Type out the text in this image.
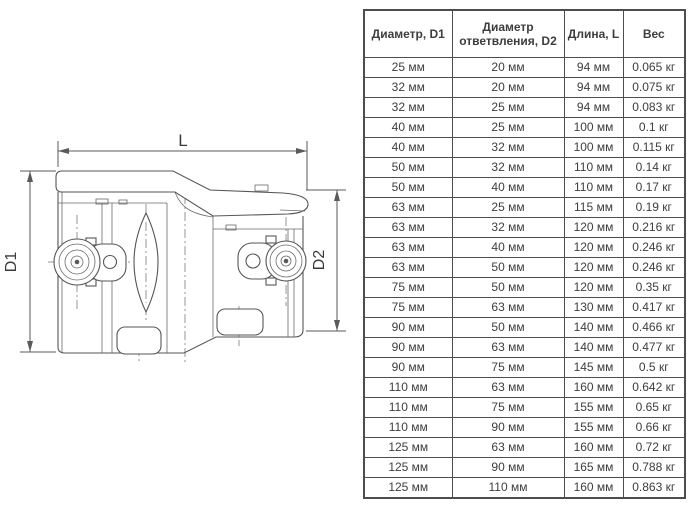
L
D1	D2
Диаметр, D1	Диаметр ответвления, D2	Длина, L	Вес
25 мм	20 мм	94 мм	0.065 кг
32 мм	20 мм	94 мм	0.075 кг
32 мм	25 мм	94 мм	0.083 кг
40 мм	25 мм	100 мм	0.1 кг
40 мм	32 мм	100 мм	0.115 кг
50 мм	32 мм	110 мм	0.14 кг
50 мм	40 мм	110 мм	0.17 кг
63 мм	25 мм	115 мм	0.19 кг
63 мм	32 мм	120 мм	0.216 кг
63 мм	40 мм	120 мм	0.246 кг
63 мм	50 мм	120 мм	0.246 кг
75 мм	50 мм	120 мм	0.35 кг
75 мм	63 мм	130 мм	0.417 кг
90 мм	50 мм	140 мм	0.466 кг
90 мм	63 мм	140 мм	0.477 кг
90 мм	75 мм	145 мм	0.5 кг
110 мм	63 мм	160 мм	0.642 кг
110 мм	75 мм	155 мм	0.65 кг
110 мм	90 мм	155 мм	0.66 кг
125 мм	63 мм	160 мм	0.72 кг
125 мм	90 мм	165 мм	0.788 кг
125 мм	110 мм	160 мм	0.863 кг
